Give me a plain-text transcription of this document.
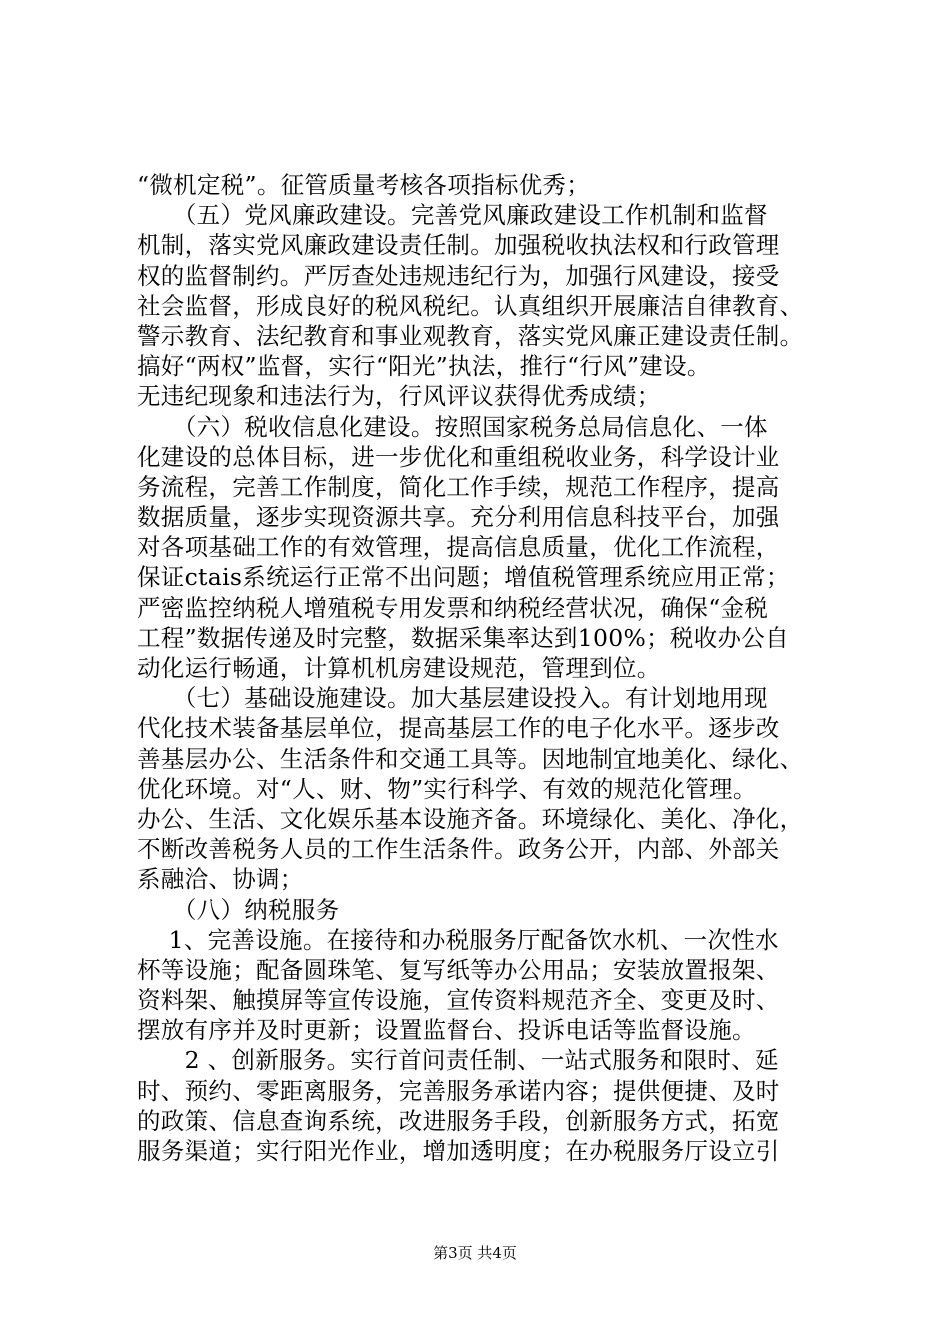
“微机定税”。征管质量考核各项指标优秀；
　　（五）党风廉政建设。完善党风廉政建设工作机制和监督
机制，落实党风廉政建设责任制。加强税收执法权和行政管理
权的监督制约。严厉查处违规违纪行为，加强行风建设，接受
社会监督，形成良好的税风税纪。认真组织开展廉洁自律教育、
警示教育、法纪教育和事业观教育，落实党风廉正建设责任制。
搞好“两权”监督，实行“阳光”执法，推行“行风”建设。
无违纪现象和违法行为，行风评议获得优秀成绩；
　　（六）税收信息化建设。按照国家税务总局信息化、一体
化建设的总体目标，进一步优化和重组税收业务，科学设计业
务流程，完善工作制度，简化工作手续，规范工作程序，提高
数据质量，逐步实现资源共享。充分利用信息科技平台，加强
对各项基础工作的有效管理，提高信息质量，优化工作流程，
保证ctais系统运行正常不出问题；增值税管理系统应用正常；
严密监控纳税人增殖税专用发票和纳税经营状况，确保“金税
工程”数据传递及时完整，数据采集率达到100%；税收办公自
动化运行畅通，计算机机房建设规范，管理到位。
　　（七）基础设施建设。加大基层建设投入。有计划地用现
代化技术装备基层单位，提高基层工作的电子化水平。逐步改
善基层办公、生活条件和交通工具等。因地制宜地美化、绿化、
优化环境。对“人、财、物”实行科学、有效的规范化管理。
办公、生活、文化娱乐基本设施齐备。环境绿化、美化、净化，
不断改善税务人员的工作生活条件。政务公开，内部、外部关
系融洽、协调；
　　（八）纳税服务
　 1、完善设施。在接待和办税服务厅配备饮水机、一次性水
杯等设施；配备圆珠笔、复写纸等办公用品；安装放置报架、
资料架、触摸屏等宣传设施，宣传资料规范齐全、变更及时、
摆放有序并及时更新；设置监督台、投诉电话等监督设施。
　　2 、创新服务。实行首问责任制、一站式服务和限时、延
时、预约、零距离服务，完善服务承诺内容；提供便捷、及时
的政策、信息查询系统，改进服务手段，创新服务方式，拓宽
服务渠道；实行阳光作业，增加透明度；在办税服务厅设立引
第3页 共4页
